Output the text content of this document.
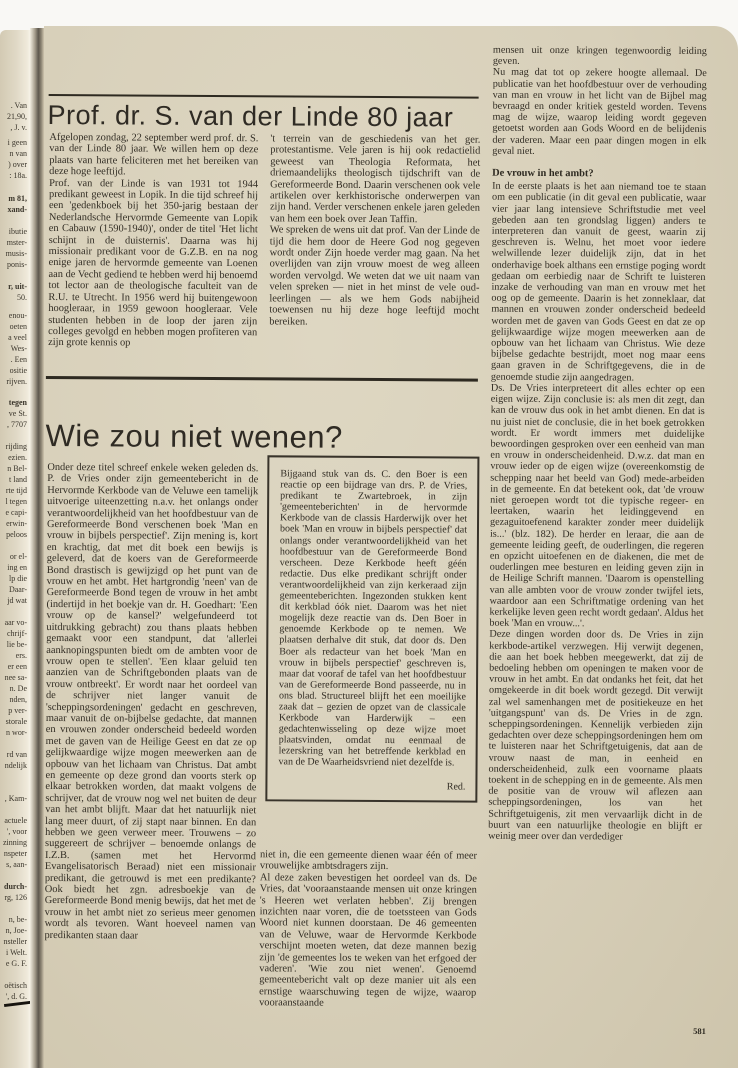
. Van
21,90,
, J. v.
i geen
n van
) over
: 18a.
m 81,
xand-
ibutie
mster-
musis-
ponis-
r, uit-
50.
enou-
oeten
a veel
Wes-
. Een
ositie
rijven.
tegen
ve St.
, 7707
rijding
ezien.
n Bel-
t land
rte tijd
l tegen
e capi-
erwin-
peloos
or el-
ing en
lp die
Daar-
jd wat
aar vo-
chrijf-
lie be-
ers.
er een
nee sa-
n. De
nden,
p ver-
storale
n wor-
rd van
ndelijk
, Kam-
actuele
', voor
zinning
nspeter
s, aan-
durch-
rg, 126
n, be-
n, Joe-
nsteller
i Welt.
e G. F.
oëtisch
', d. G.
Prof. dr. S. van der Linde 80 jaar
Afgelopen zondag, 22 september werd prof. dr. S. van der Linde 80 jaar. We willen hem op deze plaats van harte feliciteren met het bereiken van deze hoge leeftijd.
Prof. van der Linde is van 1931 tot 1944 predikant geweest in Lopik. In die tijd schreef hij een 'gedenkboek bij het 350-jarig bestaan der Nederlandsche Hervormde Gemeente van Lopik en Cabauw (1590-1940)', onder de titel 'Het licht schijnt in de duisternis'. Daarna was hij missionair predikant voor de G.Z.B. en na nog enige jaren de hervormde gemeente van Loenen aan de Vecht gediend te hebben werd hij benoemd tot lector aan de theologische faculteit van de R.U. te Utrecht. In 1956 werd hij buitengewoon hoogleraar, in 1959 gewoon hoogleraar. Vele studenten hebben in de loop der jaren zijn colleges gevolgd en hebben mogen profiteren van zijn grote kennis op
't terrein van de geschiedenis van het ger. protestantisme. Vele jaren is hij ook redactielid geweest van Theologia Reformata, het driemaandelijks theologisch tijdschrift van de Gereformeerde Bond. Daarin verschenen ook vele artikelen over kerkhistorische onderwerpen van zijn hand. Verder verschenen enkele jaren geleden van hem een boek over Jean Taffin.
We spreken de wens uit dat prof. Van der Linde de tijd die hem door de Heere God nog gegeven wordt onder Zijn hoede verder mag gaan. Na het overlijden van zijn vrouw moest de weg alleen worden vervolgd. We weten dat we uit naam van velen spreken — niet in het minst de vele oud-leerlingen — als we hem Gods nabijheid toewensen nu hij deze hoge leeftijd mocht bereiken.
Wie zou niet wenen?
Onder deze titel schreef enkele weken geleden ds. P. de Vries onder zijn gemeentebericht in de Hervormde Kerkbode van de Veluwe een tamelijk uitvoerige uiteenzetting n.a.v. het onlangs onder verantwoordelijkheid van het hoofdbestuur van de Gereformeerde Bond verschenen boek 'Man en vrouw in bijbels perspectief'. Zijn mening is, kort en krachtig, dat met dit boek een bewijs is geleverd, dat de koers van de Gereformeerde Bond drastisch is gewijzigd op het punt van de vrouw en het ambt. Het hartgrondig 'neen' van de Gereformeerde Bond tegen de vrouw in het ambt (indertijd in het boekje van dr. H. Goedhart: 'Een vrouw op de kansel?' welgefundeerd tot uitdrukking gebracht) zou thans plaats hebben gemaakt voor een standpunt, dat 'allerlei aanknopingspunten biedt om de ambten voor de vrouw open te stellen'. 'Een klaar geluid ten aanzien van de Schriftgebonden plaats van de vrouw ontbreekt'. Er wordt naar het oordeel van de schrijver niet langer vanuit de 'scheppingsordeningen' gedacht en geschreven, maar vanuit de on-bijbelse gedachte, dat mannen en vrouwen zonder onderscheid bedeeld worden met de gaven van de Heilige Geest en dat ze op gelijkwaardige wijze mogen meewerken aan de opbouw van het lichaam van Christus. Dat ambt en gemeente op deze grond dan voorts sterk op elkaar betrokken worden, dat maakt volgens de schrijver, dat de vrouw nog wel net buiten de deur van het ambt blijft. Maar dat het natuurlijk niet lang meer duurt, of zij stapt naar binnen. En dan hebben we geen verweer meer. Trouwens – zo suggereert de schrijver – benoemde onlangs de I.Z.B. (samen met het Hervormd Evangelisatorisch Beraad) niet een missionair predikant, die getrouwd is met een predikante? Ook biedt het zgn. adresboekje van de Gereformeerde Bond menig bewijs, dat het met de vrouw in het ambt niet zo serieus meer genomen wordt als tevoren. Want hoeveel namen van predikanten staan daar
Bijgaand stuk van ds. C. den Boer is een reactie op een bijdrage van drs. P. de Vries, predikant te Zwartebroek, in zijn 'gemeenteberichten' in de hervormde Kerkbode van de classis Harderwijk over het boek 'Man en vrouw in bijbels perspectief' dat onlangs onder verantwoordelijkheid van het hoofdbestuur van de Gereformeerde Bond verscheen. Deze Kerkbode heeft géén redactie. Dus elke predikant schrijft onder verantwoordelijkheid van zijn kerkeraad zijn gemeenteberichten. Ingezonden stukken kent dit kerkblad óók niet. Daarom was het niet mogelijk deze reactie van ds. Den Boer in genoemde Kerkbode op te nemen. We plaatsen derhalve dit stuk, dat door ds. Den Boer als redacteur van het boek 'Man en vrouw in bijbels perspectief' geschreven is, maar dat vooraf de tafel van het hoofdbestuur van de Gereformeerde Bond passeerde, nu in ons blad. Structureel blijft het een moeilijke zaak dat – gezien de opzet van de classicale Kerkbode van Harderwijk – een gedachtenwisseling op deze wijze moet plaatsvinden, omdat nu eenmaal de lezerskring van het betreffende kerkblad en van de De Waarheidsvriend niet dezelfde is.
Red.
niet in, die een gemeente dienen waar één of meer vrouwelijke ambtsdragers zijn.
Al deze zaken bevestigen het oordeel van ds. De Vries, dat 'vooraanstaande mensen uit onze kringen 's Heeren wet verlaten hebben'. Zij brengen inzichten naar voren, die de toetssteen van Gods Woord niet kunnen doorstaan. De 46 gemeenten van de Veluwe, waar de Hervormde Kerkbode verschijnt moeten weten, dat deze mannen bezig zijn 'de gemeentes los te weken van het erfgoed der vaderen'. 'Wie zou niet wenen'. Genoemd gemeentebericht valt op deze manier uit als een ernstige waarschuwing tegen de wijze, waarop vooraanstaande
mensen uit onze kringen tegenwoordig leiding geven.
Nu mag dat tot op zekere hoogte allemaal. De publicatie van het hoofdbestuur over de verhouding van man en vrouw in het licht van de Bijbel mag bevraagd en onder kritiek gesteld worden. Tevens mag de wijze, waarop leiding wordt gegeven getoetst worden aan Gods Woord en de belijdenis der vaderen. Maar een paar dingen mogen in elk geval niet.
De vrouw in het ambt?
In de eerste plaats is het aan niemand toe te staan om een publicatie (in dit geval een publicatie, waar vier jaar lang intensieve Schriftstudie met veel gebeden aan ten grondslag liggen) anders te interpreteren dan vanuit de geest, waarin zij geschreven is. Welnu, het moet voor iedere welwillende lezer duidelijk zijn, dat in het onderhavige boek althans een ernstige poging wordt gedaan om eerbiedig naar de Schrift te luisteren inzake de verhouding van man en vrouw met het oog op de gemeente. Daarin is het zonneklaar, dat mannen en vrouwen zonder onderscheid bedeeld worden met de gaven van Gods Geest en dat ze op gelijkwaardige wijze mogen meewerken aan de opbouw van het lichaam van Christus. Wie deze bijbelse gedachte bestrijdt, moet nog maar eens gaan graven in de Schriftgegevens, die in de genoemde studie zijn aangedragen.
Ds. De Vries interpreteert dit alles echter op een eigen wijze. Zijn conclusie is: als men dit zegt, dan kan de vrouw dus ook in het ambt dienen. En dat is nu juist niet de conclusie, die in het boek getrokken wordt. Er wordt immers met duidelijke bewoordingen gesproken over een eenheid van man en vrouw in onderscheidenheid. D.w.z. dat man en vrouw ieder op de eigen wijze (overeenkomstig de schepping naar het beeld van God) mede-arbeiden in de gemeente. En dat betekent ook, dat 'de vrouw niet geroepen wordt tot die typische regeer- en leertaken, waarin het leidinggevend en gezaguitoefenend karakter zonder meer duidelijk is...' (blz. 182). De herder en leraar, die aan de gemeente leiding geeft, de ouderlingen, die regeren en opzicht uitoefenen en de diakenen, die met de ouderlingen mee besturen en leiding geven zijn in de Heilige Schrift mannen. 'Daarom is openstelling van alle ambten voor de vrouw zonder twijfel iets, waardoor aan een Schriftmatige ordening van het kerkelijke leven geen recht wordt gedaan'. Aldus het boek 'Man en vrouw...'.
Deze dingen worden door ds. De Vries in zijn kerkbode-artikel verzwegen. Hij verwijt degenen, die aan het boek hebben meegewerkt, dat zij de bedoeling hebben om openingen te maken voor de vrouw in het ambt. En dat ondanks het feit, dat het omgekeerde in dit boek wordt gezegd. Dit verwijt zal wel samenhangen met de positiekeuze en het 'uitgangspunt' van ds. De Vries in de zgn. scheppingsordeningen. Kennelijk verbieden zijn gedachten over deze scheppingsordeningen hem om te luisteren naar het Schriftgetuigenis, dat aan de vrouw naast de man, in eenheid en onderscheidenheid, zulk een voorname plaats toekent in de schepping en in de gemeente. Als men de positie van de vrouw wil aflezen aan scheppingsordeningen, los van het Schriftgetuigenis, zit men vervaarlijk dicht in de buurt van een natuurlijke theologie en blijft er weinig meer over dan verdediger
581
